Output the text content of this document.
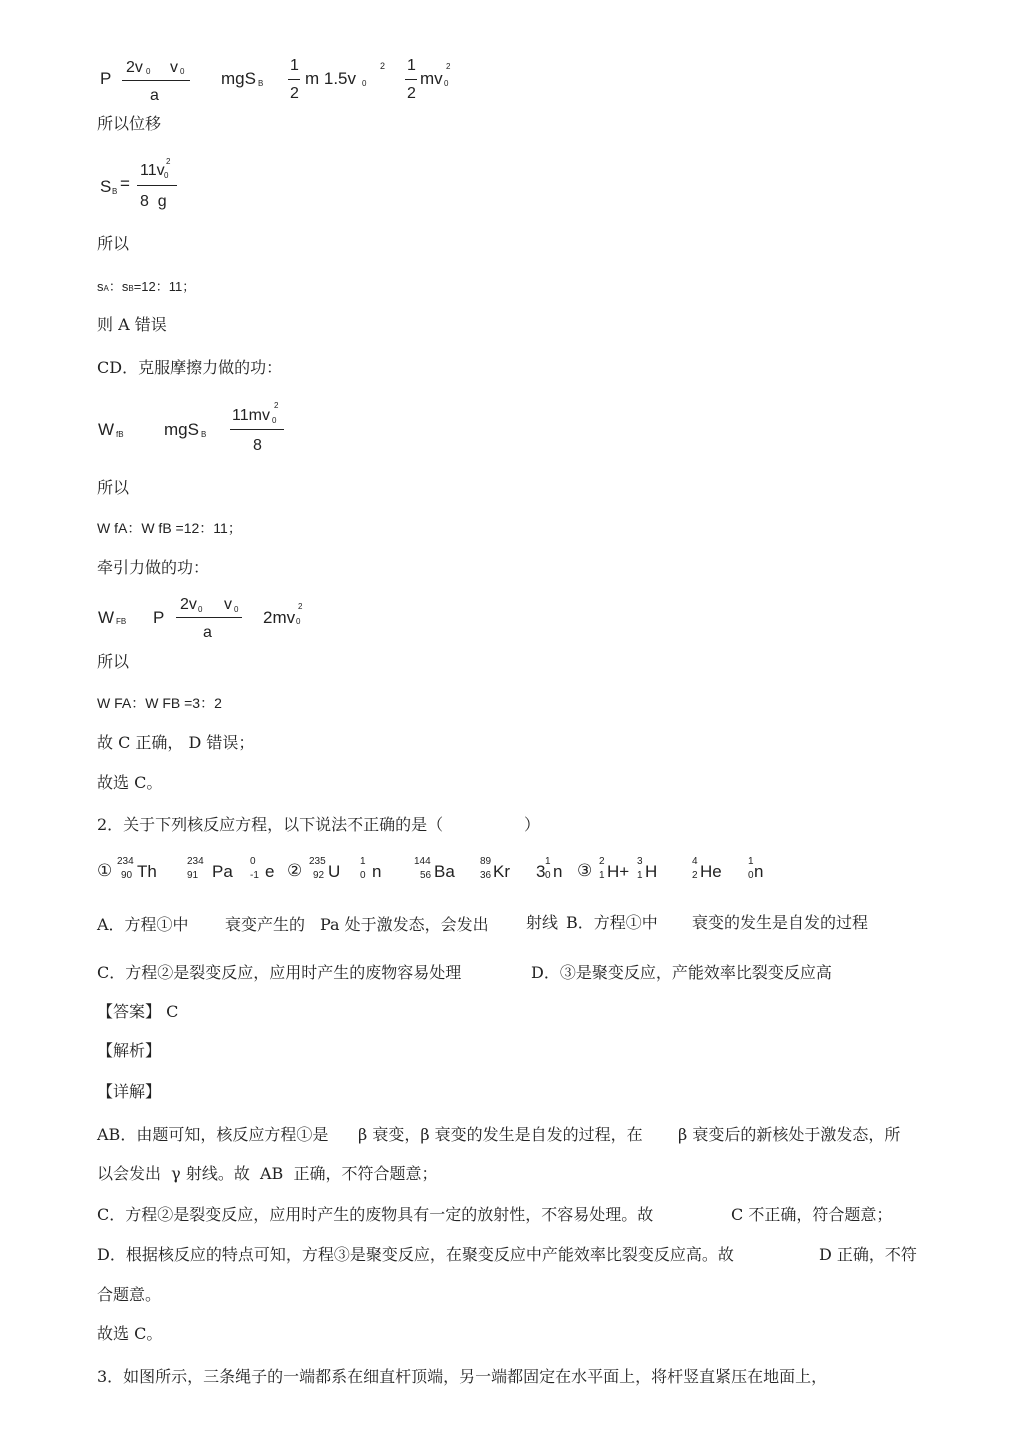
P
2v 0 v 0
a
mgS B
1
2
m 1.5v 0
2 1
2
mv 0
2
所以位移
S B =
11v 0
2
8  g
所以
sA：sB=12：11；
则 A 错误
CD．克服摩擦力做的功：
W fB mgS B
11mv 0
2
8
所以
W fA：W fB =12：11；
牵引力做的功：
W FB P
2v 0 v 0
a
2mv 0
2
所以
W FA：W FB =3：2
故 C 正确， D 错误；
故选 C。
2．关于下列核反应方程，以下说法不正确的是（	）
① 234
90 Th
234
91 Pa
0
-1 e ② 235
92 U
1
0 n
144
56 Ba
89
36 Kr 3
1
0 n ③ 2
1 H+
3
1 H
4
2 He
1
0 n
A．方程①中 衰变产生的 Pa 处于激发态，会发出 射线 B．方程①中 衰变的发生是自发的过程
C．方程②是裂变反应，应用时产生的废物容易处理	D．③是聚变反应，产能效率比裂变反应高
【答案】 C
【解析】
【详解】
AB．由题可知，核反应方程①是 β 衰变，β 衰变的发生是自发的过程，在 β 衰变后的新核处于激发态，所
以会发出  γ 射线。故  AB  正确，不符合题意；
C．方程②是裂变反应，应用时产生的废物具有一定的放射性，不容易处理。故	C 不正确，符合题意；
D．根据核反应的特点可知，方程③是聚变反应，在聚变反应中产能效率比裂变反应高。故	D 正确，不符
合题意。
故选 C。
3．如图所示，三条绳子的一端都系在细直杆顶端，另一端都固定在水平面上，将杆竖直紧压在地面上，
